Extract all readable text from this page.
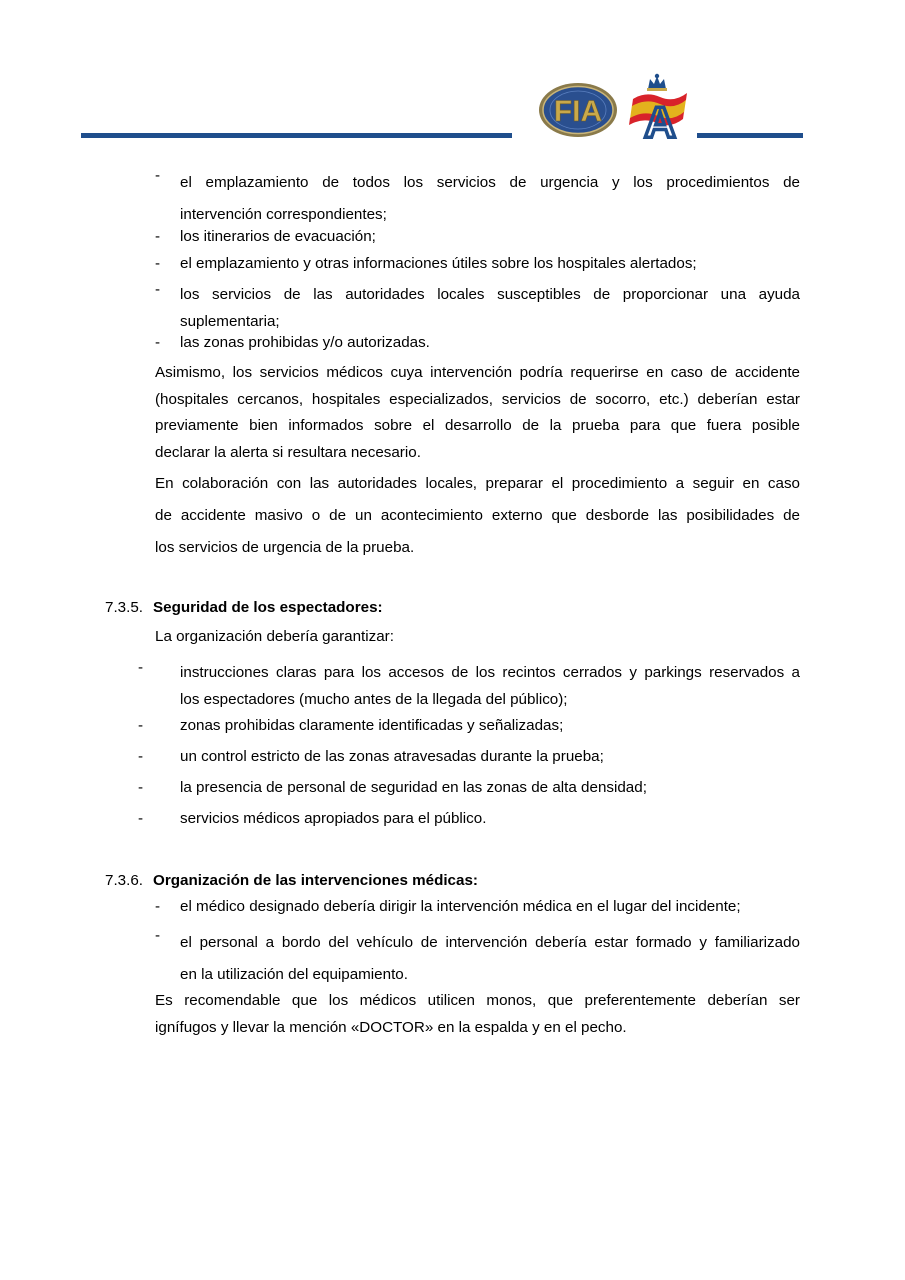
FIA A
- el emplazamiento de todos los servicios de urgencia y los procedimientos de
intervención correspondientes;
- los itinerarios de evacuación;
- el emplazamiento y otras informaciones útiles sobre los hospitales alertados;
- los servicios de las autoridades locales susceptibles de proporcionar una ayuda
suplementaria;
- las zonas prohibidas y/o autorizadas.
Asimismo, los servicios médicos cuya intervención podría requerirse en caso de accidente
(hospitales cercanos, hospitales especializados, servicios de socorro, etc.) deberían estar
previamente bien informados sobre el desarrollo de la prueba para que fuera posible
declarar la alerta si resultara necesario.
En colaboración con las autoridades locales, preparar el procedimiento a seguir en caso
de accidente masivo o de un acontecimiento externo que desborde las posibilidades de
los servicios de urgencia de la prueba.
7.3.5. Seguridad de los espectadores:
La organización debería garantizar:
- instrucciones claras para los accesos de los recintos cerrados y parkings reservados a
los espectadores (mucho antes de la llegada del público);
- zonas prohibidas claramente identificadas y señalizadas;
- un control estricto de las zonas atravesadas durante la prueba;
- la presencia de personal de seguridad en las zonas de alta densidad;
- servicios médicos apropiados para el público.
7.3.6. Organización de las intervenciones médicas:
- el médico designado debería dirigir la intervención médica en el lugar del incidente;
- el personal a bordo del vehículo de intervención debería estar formado y familiarizado
en la utilización del equipamiento.
Es recomendable que los médicos utilicen monos, que preferentemente deberían ser
ignífugos y llevar la mención «DOCTOR» en la espalda y en el pecho.
